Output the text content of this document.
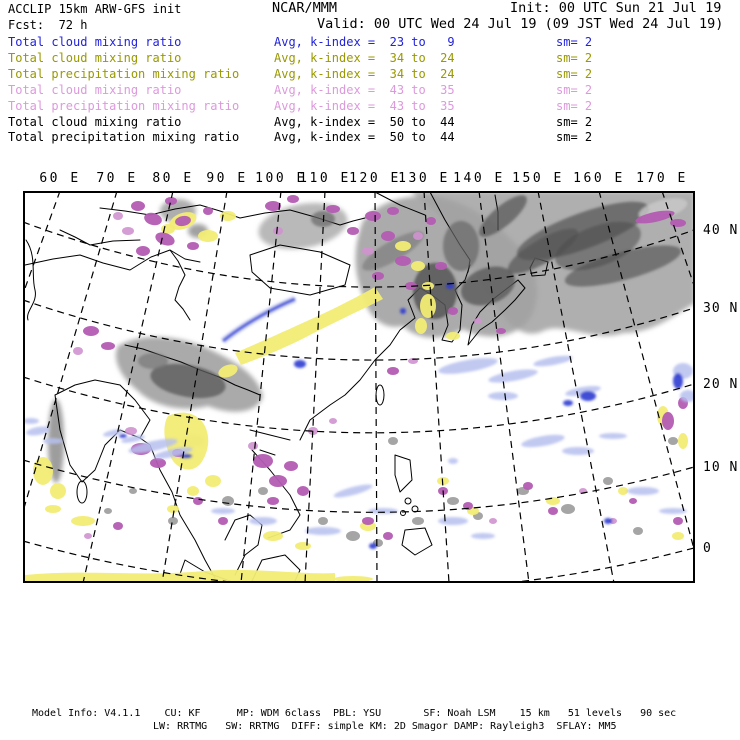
ACCLIP 15km ARW-GFS init	NCAR/MMM	Init: 00 UTC Sun 21 Jul 19
Fcst:  72 h	Valid: 00 UTC Wed 24 Jul 19 (09 JST Wed 24 Jul 19)
Total cloud mixing ratio	Avg, k-index =  23 to   9	sm= 2
Total cloud mixing ratio	Avg, k-index =  34 to  24	sm= 2
Total precipitation mixing ratio	Avg, k-index =  34 to  24	sm= 2
Total cloud mixing ratio	Avg, k-index =  43 to  35	sm= 2
Total precipitation mixing ratio	Avg, k-index =  43 to  35	sm= 2
Total cloud mixing ratio	Avg, k-index =  50 to  44	sm= 2
Total precipitation mixing ratio	Avg, k-index =  50 to  44	sm= 2
60 E 70 E 80 E 90 E 100 E
110 E
120 E
130 E 140 E 150 E 160 E 170 E
40 N
30 N
20 N
10 N
0
Model Info: V4.1.1    CU: KF      MP: WDM 6class  PBL: YSU       SF: Noah LSM    15 km   51 levels   90 sec
LW: RRTMG   SW: RRTMG  DIFF: simple KM: 2D Smagor DAMP: Rayleigh3  SFLAY: MM5
